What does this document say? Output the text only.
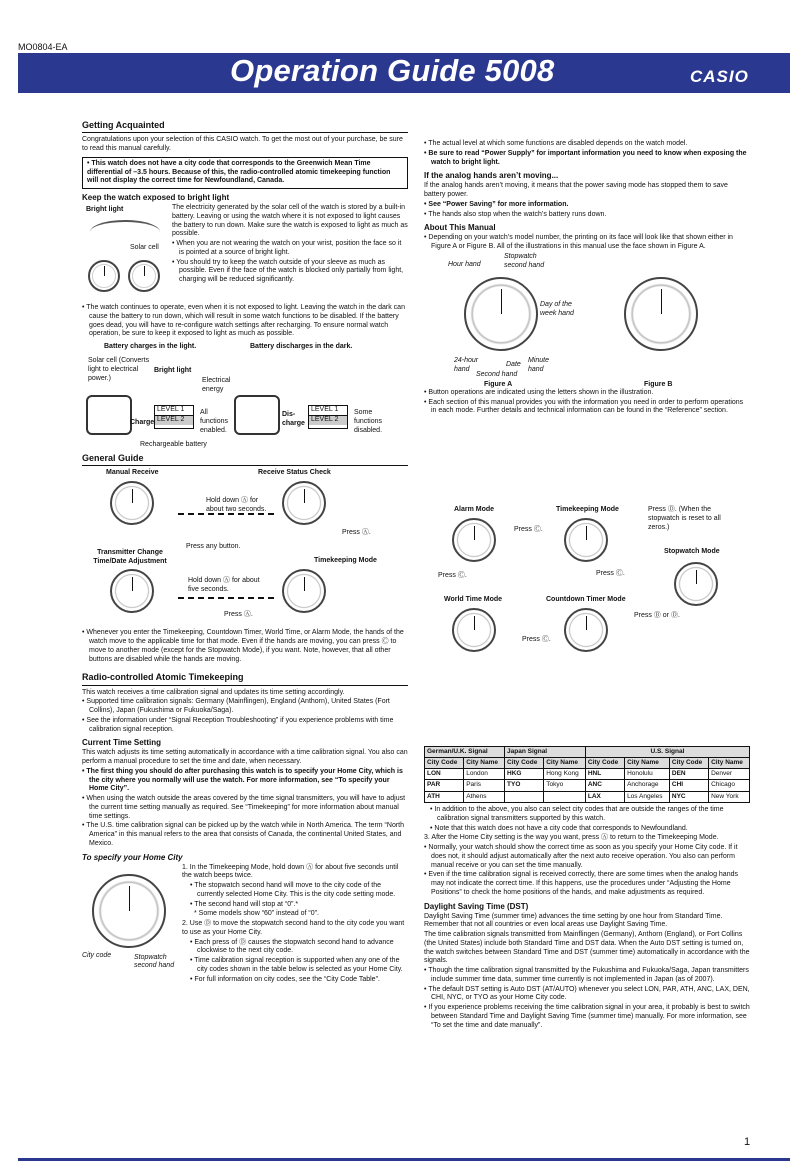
MO0804-EA
Operation Guide 5008	CASIO
Getting Acquainted

Congratulations upon your selection of this CASIO watch. To get the most out of your purchase, be sure to read this manual carefully.

• This watch does not have a city code that corresponds to the Greenwich Mean Time differential of –3.5 hours. Because of this, the radio-controlled atomic timekeeping function will not display the correct time for Newfoundland, Canada.
Keep the watch exposed to bright light
Bright light
Solar cell

The electricity generated by the solar cell of the watch is stored by a built-in battery. Leaving or using the watch where it is not exposed to light causes the battery to run down. Make sure the watch is exposed to light as much as possible.

• When you are not wearing the watch on your wrist, position the face so it is pointed at a source of bright light.

• You should try to keep the watch outside of your sleeve as much as possible. Even if the face of the watch is blocked only partially from light, charging will be reduced significantly.

• The watch continues to operate, even when it is not exposed to light. Leaving the watch in the dark can cause the battery to run down, which will result in some watch functions to be disabled. If the battery goes dead, you will have to re-configure watch settings after recharging. To ensure normal watch operation, be sure to keep it exposed to light as much as possible.

Battery charges in the light.	Battery discharges in the dark.
Solar cell (Converts light to electrical power.)
Bright light
Electrical energy
Charge
LEVEL 1
LEVEL 2
All functions enabled.
Rechargeable battery
Dis- charge
LEVEL 1
LEVEL 2
Some functions disabled.
General Guide
Manual Receive	Receive Status Check
Hold down Ⓐ for about two seconds.
Press Ⓐ.
Press any button.
Transmitter Change Time/Date Adjustment	Timekeeping Mode
Hold down Ⓐ for about five seconds.
Press Ⓐ.

• Whenever you enter the Timekeeping, Countdown Timer, World Time, or Alarm Mode, the hands of the watch move to the applicable time for that mode. Even if the hands are moving, you can press Ⓒ to move to another mode (except for the Stopwatch Mode), if you want. Note, however, that all other buttons are disabled while the hands are moving.

Radio-controlled Atomic Timekeeping

This watch receives a time calibration signal and updates its time setting accordingly.

• Supported time calibration signals: Germany (Mainflingen), England (Anthorn), United States (Fort Collins), Japan (Fukushima or Fukuoka/Saga).

• See the information under “Signal Reception Troubleshooting” if you experience problems with time calibration signal reception.

Current Time Setting

This watch adjusts its time setting automatically in accordance with a time calibration signal. You also can perform a manual procedure to set the time and date, when necessary.

• The first thing you should do after purchasing this watch is to specify your Home City, which is the city where you normally will use the watch. For more information, see “To specify your Home City”.

• When using the watch outside the areas covered by the time signal transmitters, you will have to adjust the current time setting manually as required. See “Timekeeping” for more information about manual time settings.

• The U.S. time calibration signal can be picked up by the watch while in North America. The term “North America” in this manual refers to the area that consists of Canada, the continental United States, and Mexico.

To specify your Home City
City code	Stopwatch second hand

1. In the Timekeeping Mode, hold down Ⓐ for about five seconds until the watch beeps twice.

• The stopwatch second hand will move to the city code of the currently selected Home City. This is the city code setting mode.

• The second hand will stop at “0”.*

* Some models show “60” instead of “0”.

2. Use Ⓓ to move the stopwatch second hand to the city code you want to use as your Home City.

• Each press of Ⓓ causes the stopwatch second hand to advance clockwise to the next city code.

• Time calibration signal reception is supported when any one of the city codes shown in the table below is selected as your Home City.

• For full information on city codes, see the “City Code Table”.

• The actual level at which some functions are disabled depends on the watch model.

• Be sure to read “Power Supply” for important information you need to know when exposing the watch to bright light.

If the analog hands aren’t moving...

If the analog hands aren’t moving, it means that the power saving mode has stopped them to save battery power.

• See “Power Saving” for more information.

• The hands also stop when the watch’s battery runs down.

About This Manual

• Depending on your watch’s model number, the printing on its face will look like that shown either in Figure A or Figure B. All of the illustrations in this manual use the face shown in Figure A.

Hour hand
Stopwatch second hand
Day of the week hand
24-hour hand
Date
Minute hand
Second hand
Figure A	Figure B

• Button operations are indicated using the letters shown in the illustration.

• Each section of this manual provides you with the information you need in order to perform operations in each mode. Further details and technical information can be found in the “Reference” section.

Alarm Mode	Timekeeping Mode	Press Ⓓ. (When the stopwatch is reset to all zeros.)
Press Ⓒ.
Stopwatch Mode
Press Ⓒ.	Press Ⓒ.
World Time Mode	Countdown Timer Mode
Press Ⓑ or Ⓓ.
Press Ⓒ.
German/U.K. Signal		Japan Signal		U.S. Signal			
City Code	City Name	City Code	City Name	City Code	City Name	City Code	City Name
LON	London	HKG	Hong Kong	HNL	Honolulu	DEN	Denver
PAR	Paris	TYO	Tokyo	ANC	Anchorage	CHI	Chicago
ATH	Athens			LAX	Los Angeles	NYC	New York

• In addition to the above, you also can select city codes that are outside the ranges of the time calibration signal transmitters supported by this watch.

• Note that this watch does not have a city code that corresponds to Newfoundland.

3. After the Home City setting is the way you want, press Ⓐ to return to the Timekeeping Mode.

• Normally, your watch should show the correct time as soon as you specify your Home City code. If it does not, it should adjust automatically after the next auto receive operation. You also can perform manual receive or you can set the time manually.

• Even if the time calibration signal is received correctly, there are some times when the analog hands may not indicate the correct time. If this happens, use the procedures under “Adjusting the Home Positions” to check the home positions of the hands, and make adjustments as required.

Daylight Saving Time (DST)

Daylight Saving Time (summer time) advances the time setting by one hour from Standard Time. Remember that not all countries or even local areas use Daylight Saving Time.

The time calibration signals transmitted from Mainflingen (Germany), Anthorn (England), or Fort Collins (the United States) include both Standard Time and DST data. When the Auto DST setting is turned on, the watch switches between Standard Time and DST (summer time) automatically in accordance with the signals.

• Though the time calibration signal transmitted by the Fukushima and Fukuoka/Saga, Japan transmitters include summer time data, summer time currently is not implemented in Japan (as of 2007).

• The default DST setting is Auto DST (AT/AUTO) whenever you select LON, PAR, ATH, ANC, LAX, DEN, CHI, NYC, or TYO as your Home City code.

• If you experience problems receiving the time calibration signal in your area, it probably is best to switch between Standard Time and Daylight Saving Time (summer time) manually. For more information, see “To set the time and date manually”.

1
